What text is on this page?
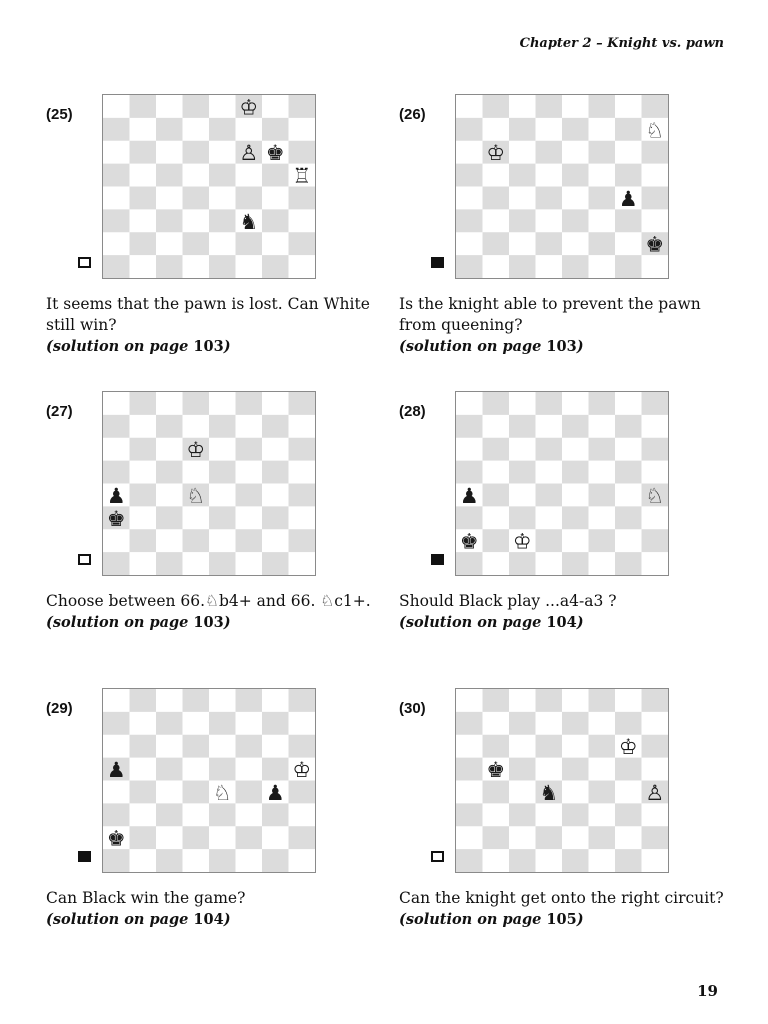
Chapter 2 – Knight vs. pawn
(25)	♔
♙ ♚
♖
♞
It seems that the pawn is lost. Can White still win?
(solution on page 103)
(26)
♘
♔
♟
♚
Is the knight able to prevent the pawn from queening?
(solution on page 103)
(27)
♔
♟	♘
♚
Choose between 66.♘b4+ and 66. ♘c1+.
(solution on page 103)
(28)
♟	♘
♚ ♔
Should Black play ...a4-a3 ?
(solution on page 104)
(29)
♟	♔
♘ ♟
♚
Can Black win the game?
(solution on page 104)
(30)
♔
♚
♞	♙
Can the knight get onto the right circuit?
(solution on page 105)
19
